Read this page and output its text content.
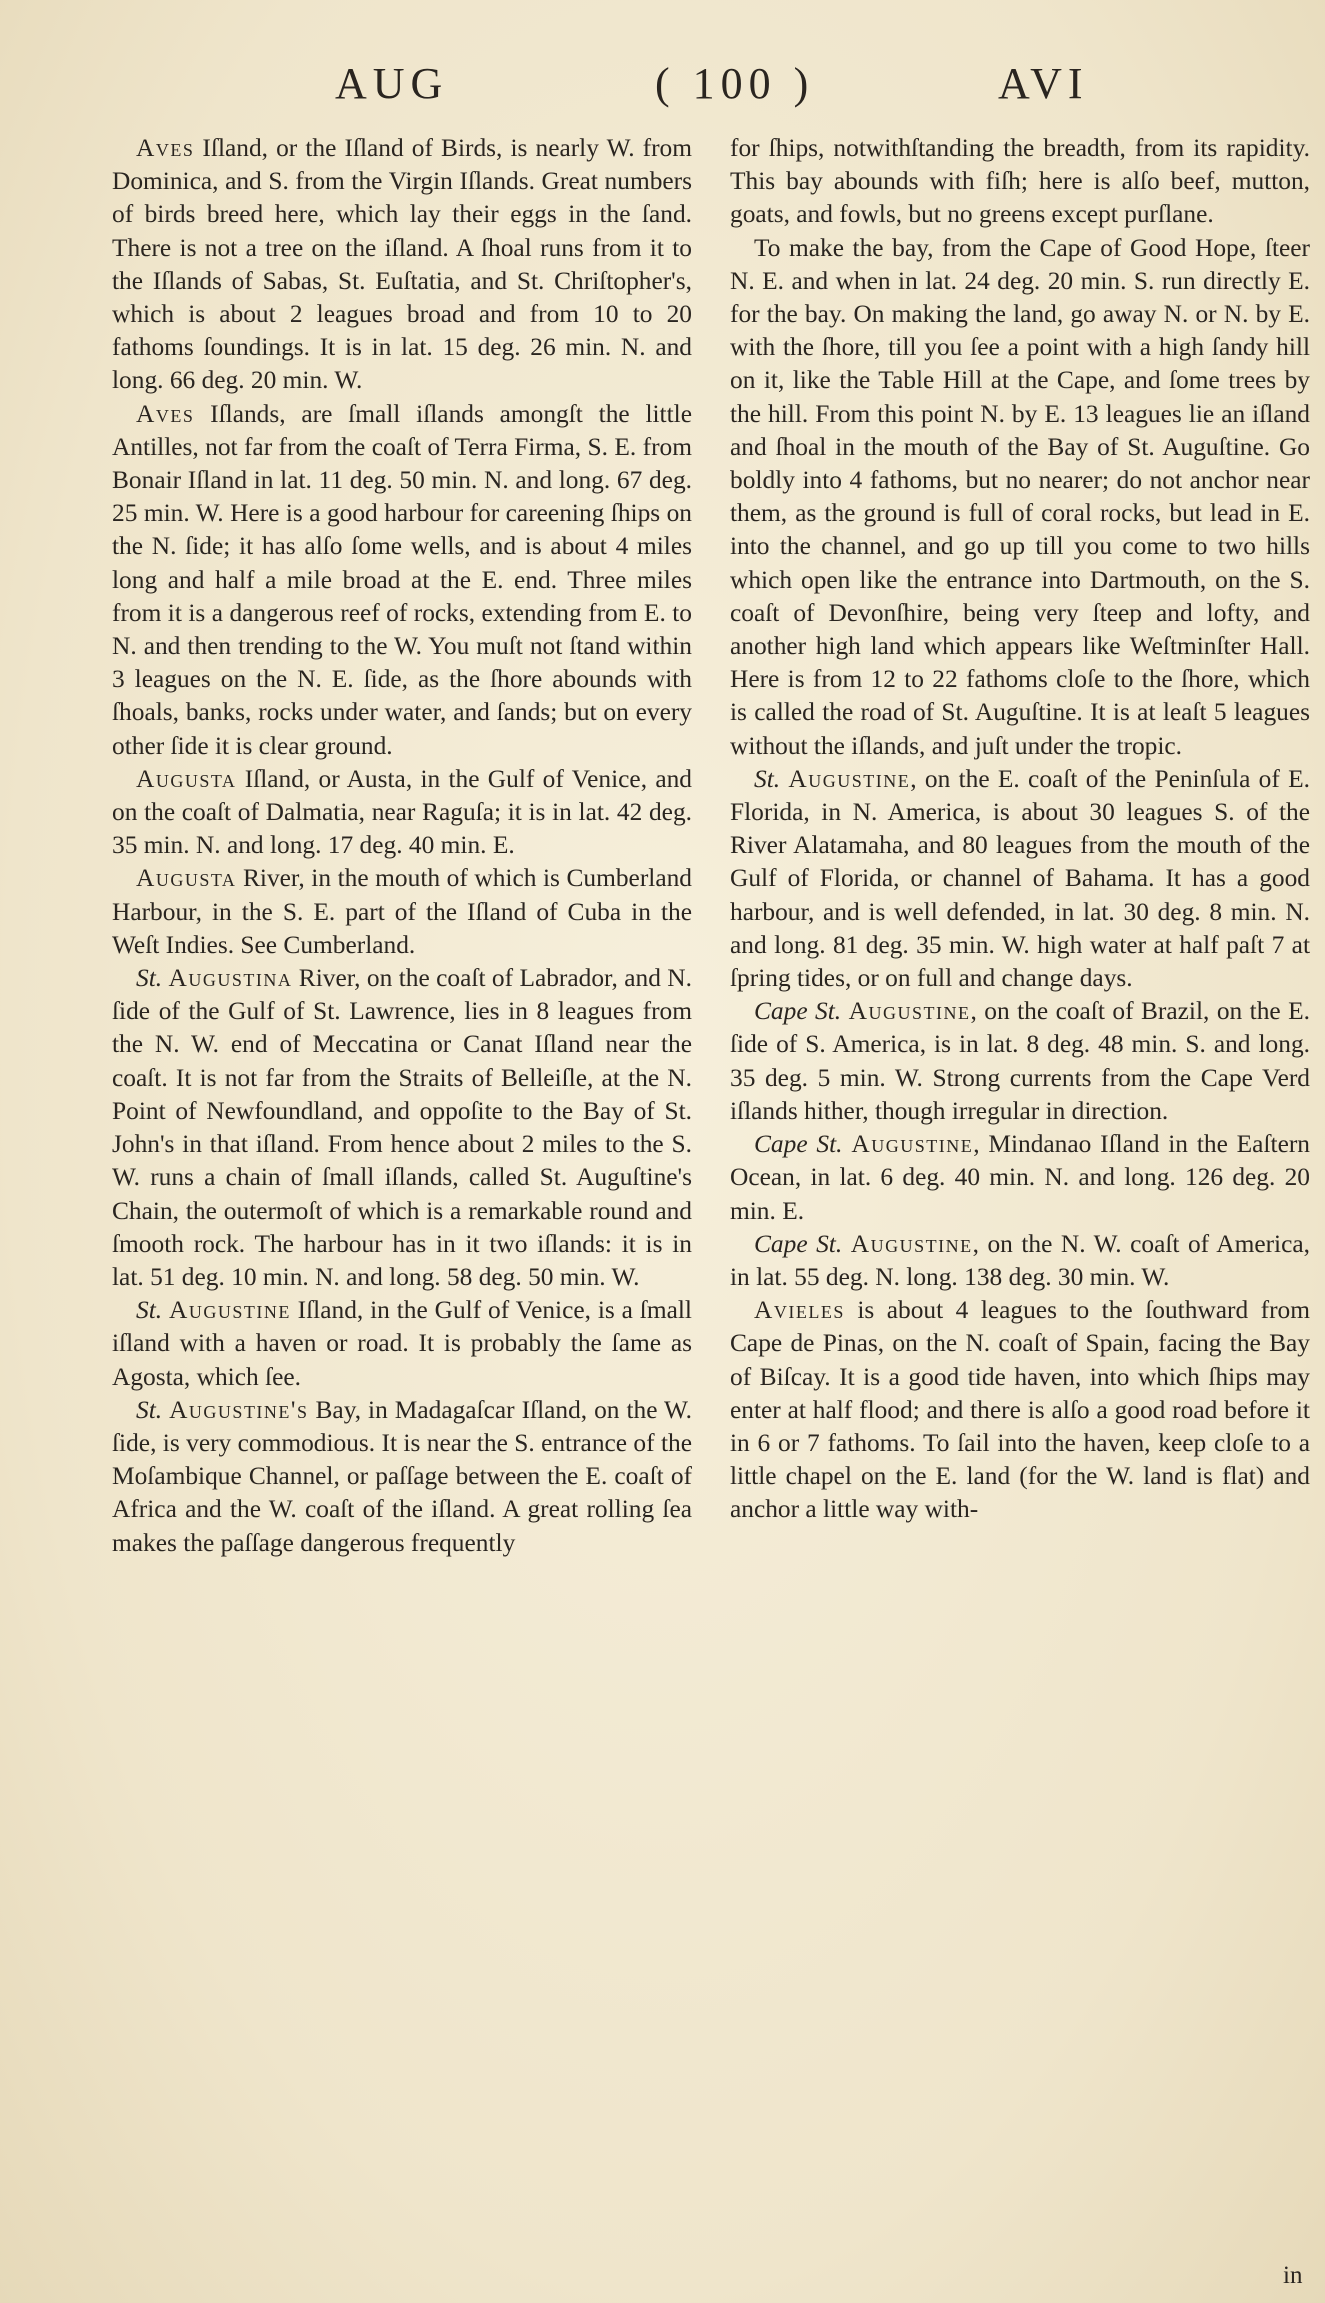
AUG	( 100 )	AVI

Aves Iſland, or the Iſland of Birds, is nearly W. from Dominica, and S. from the Virgin Iſlands. Great numbers of birds breed here, which lay their eggs in the ſand. There is not a tree on the iſland. A ſhoal runs from it to the Iſlands of Sabas, St. Euſtatia, and St. Chriſtopher's, which is about 2 leagues broad and from 10 to 20 fathoms ſoundings. It is in lat. 15 deg. 26 min. N. and long. 66 deg. 20 min. W.

Aves Iſlands, are ſmall iſlands amongſt the little Antilles, not far from the coaſt of Terra Firma, S. E. from Bonair Iſland in lat. 11 deg. 50 min. N. and long. 67 deg. 25 min. W. Here is a good harbour for careening ſhips on the N. ſide; it has alſo ſome wells, and is about 4 miles long and half a mile broad at the E. end. Three miles from it is a dangerous reef of rocks, extending from E. to N. and then trending to the W. You muſt not ſtand within 3 leagues on the N. E. ſide, as the ſhore abounds with ſhoals, banks, rocks under water, and ſands; but on every other ſide it is clear ground.

Augusta Iſland, or Austa, in the Gulf of Venice, and on the coaſt of Dalmatia, near Raguſa; it is in lat. 42 deg. 35 min. N. and long. 17 deg. 40 min. E.

Augusta River, in the mouth of which is Cumberland Harbour, in the S. E. part of the Iſland of Cuba in the Weſt Indies. See Cumberland.

St. Augustina River, on the coaſt of Labrador, and N. ſide of the Gulf of St. Lawrence, lies in 8 leagues from the N. W. end of Meccatina or Canat Iſland near the coaſt. It is not far from the Straits of Belleiſle, at the N. Point of Newfoundland, and oppoſite to the Bay of St. John's in that iſland. From hence about 2 miles to the S. W. runs a chain of ſmall iſlands, called St. Auguſtine's Chain, the outermoſt of which is a remarkable round and ſmooth rock. The harbour has in it two iſlands: it is in lat. 51 deg. 10 min. N. and long. 58 deg. 50 min. W.

St. Augustine Iſland, in the Gulf of Venice, is a ſmall iſland with a haven or road. It is probably the ſame as Agosta, which ſee.

St. Augustine's Bay, in Madagaſcar Iſland, on the W. ſide, is very commodious. It is near the S. entrance of the Moſambique Channel, or paſſage between the E. coaſt of Africa and the W. coaſt of the iſland. A great rolling ſea makes the paſſage dangerous frequently

for ſhips, notwithſtanding the breadth, from its rapidity. This bay abounds with fiſh; here is alſo beef, mutton, goats, and fowls, but no greens except purſlane.

To make the bay, from the Cape of Good Hope, ſteer N. E. and when in lat. 24 deg. 20 min. S. run directly E. for the bay. On making the land, go away N. or N. by E. with the ſhore, till you ſee a point with a high ſandy hill on it, like the Table Hill at the Cape, and ſome trees by the hill. From this point N. by E. 13 leagues lie an iſland and ſhoal in the mouth of the Bay of St. Auguſtine. Go boldly into 4 fathoms, but no nearer; do not anchor near them, as the ground is full of coral rocks, but lead in E. into the channel, and go up till you come to two hills which open like the entrance into Dartmouth, on the S. coaſt of Devonſhire, being very ſteep and lofty, and another high land which appears like Weſtminſter Hall. Here is from 12 to 22 fathoms cloſe to the ſhore, which is called the road of St. Auguſtine. It is at leaſt 5 leagues without the iſlands, and juſt under the tropic.

St. Augustine, on the E. coaſt of the Peninſula of E. Florida, in N. America, is about 30 leagues S. of the River Alatamaha, and 80 leagues from the mouth of the Gulf of Florida, or channel of Bahama. It has a good harbour, and is well defended, in lat. 30 deg. 8 min. N. and long. 81 deg. 35 min. W. high water at half paſt 7 at ſpring tides, or on full and change days.

Cape St. Augustine, on the coaſt of Brazil, on the E. ſide of S. America, is in lat. 8 deg. 48 min. S. and long. 35 deg. 5 min. W. Strong currents from the Cape Verd iſlands hither, though irregular in direction.

Cape St. Augustine, Mindanao Iſland in the Eaſtern Ocean, in lat. 6 deg. 40 min. N. and long. 126 deg. 20 min. E.

Cape St. Augustine, on the N. W. coaſt of America, in lat. 55 deg. N. long. 138 deg. 30 min. W.

Avieles is about 4 leagues to the ſouthward from Cape de Pinas, on the N. coaſt of Spain, facing the Bay of Biſcay. It is a good tide haven, into which ſhips may enter at half flood; and there is alſo a good road before it in 6 or 7 fathoms. To ſail into the haven, keep cloſe to a little chapel on the E. land (for the W. land is flat) and anchor a little way with-

in
